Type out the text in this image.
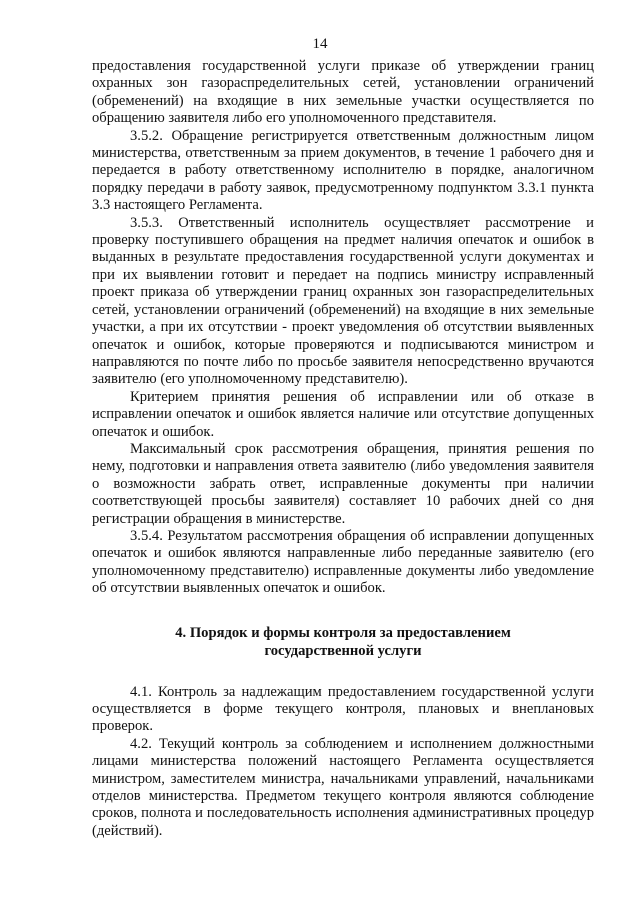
14

предоставления государственной услуги приказе об утверждении границ охранных зон газораспределительных сетей, установлении ограничений (обременений) на входящие в них земельные участки осуществляется по обращению заявителя либо его уполномоченного представителя.

3.5.2. Обращение регистрируется ответственным должностным лицом министерства, ответственным за прием документов, в течение 1 рабочего дня и передается в работу ответственному исполнителю в порядке, аналогичном порядку передачи в работу заявок, предусмотренному подпунктом 3.3.1 пункта 3.3 настоящего Регламента.

3.5.3. Ответственный исполнитель осуществляет рассмотрение и проверку поступившего обращения на предмет наличия опечаток и ошибок в выданных в результате предоставления государственной услуги документах и при их выявлении готовит и передает на подпись министру исправленный проект приказа об утверждении границ охранных зон газораспределительных сетей, установлении ограничений (обременений) на входящие в них земельные участки, а при их отсутствии - проект уведомления об отсутствии выявленных опечаток и ошибок, которые проверяются и подписываются министром и направляются по почте либо по просьбе заявителя непосредственно вручаются заявителю (его уполномоченному представителю).

Критерием принятия решения об исправлении или об отказе в исправлении опечаток и ошибок является наличие или отсутствие допущенных опечаток и ошибок.

Максимальный срок рассмотрения обращения, принятия решения по нему, подготовки и направления ответа заявителю (либо уведомления заявителя о возможности забрать ответ, исправленные документы при наличии соответствующей просьбы заявителя) составляет 10 рабочих дней со дня регистрации обращения в министерстве.

3.5.4. Результатом рассмотрения обращения об исправлении допущенных опечаток и ошибок являются направленные либо переданные заявителю (его уполномоченному представителю) исправленные документы либо уведомление об отсутствии выявленных опечаток и ошибок.

4. Порядок и формы контроля за предоставлением
государственной услуги

4.1. Контроль за надлежащим предоставлением государственной услуги осуществляется в форме текущего контроля, плановых и внеплановых проверок.

4.2. Текущий контроль за соблюдением и исполнением должностными лицами министерства положений настоящего Регламента осуществляется министром, заместителем министра, начальниками управлений, начальниками отделов министерства. Предметом текущего контроля являются соблюдение сроков, полнота и последовательность исполнения административных процедур (действий).
